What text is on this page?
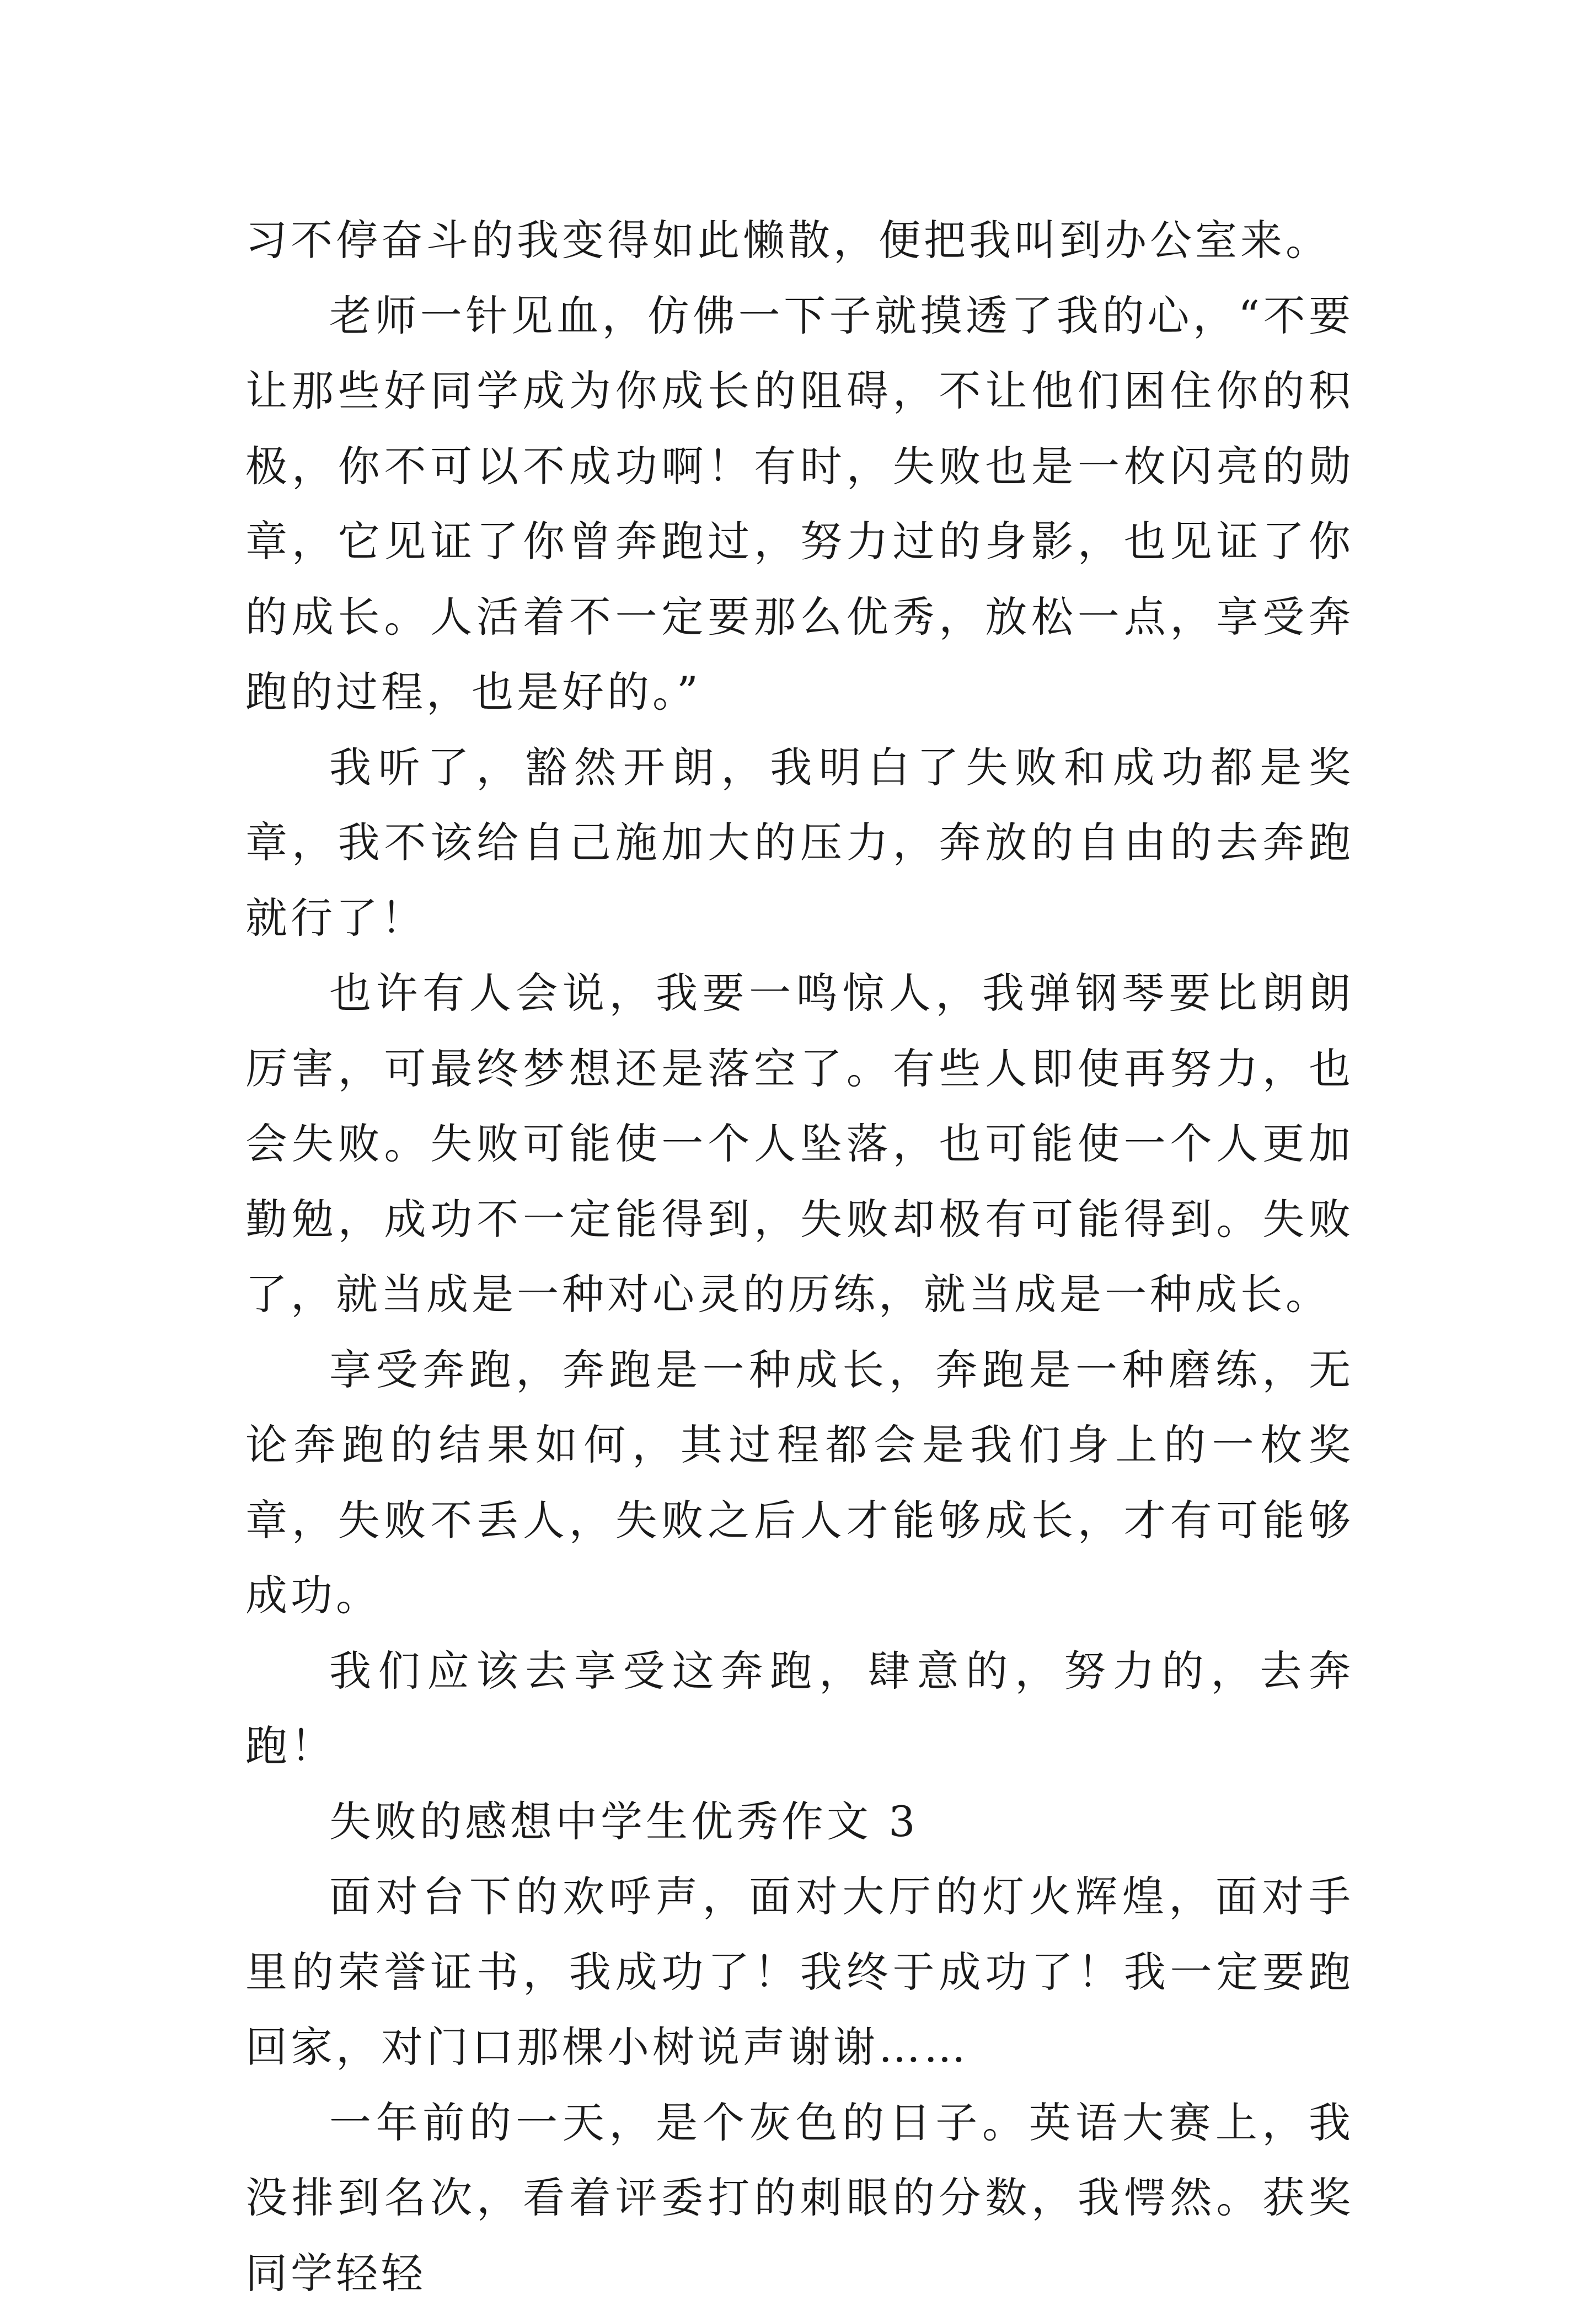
习不停奋斗的我变得如此懒散，便把我叫到办公室来。

老师一针见血，仿佛一下子就摸透了我的心，“不要让那些好同学成为你成长的阻碍，不让他们困住你的积极，你不可以不成功啊！有时，失败也是一枚闪亮的勋章，它见证了你曾奔跑过，努力过的身影，也见证了你的成长。人活着不一定要那么优秀，放松一点，享受奔跑的过程，也是好的。”

我听了，豁然开朗，我明白了失败和成功都是奖章，我不该给自己施加大的压力，奔放的自由的去奔跑就行了！

也许有人会说，我要一鸣惊人，我弹钢琴要比朗朗厉害，可最终梦想还是落空了。有些人即使再努力，也会失败。失败可能使一个人坠落，也可能使一个人更加勤勉，成功不一定能得到，失败却极有可能得到。失败了，就当成是一种对心灵的历练，就当成是一种成长。

享受奔跑，奔跑是一种成长，奔跑是一种磨练，无论奔跑的结果如何，其过程都会是我们身上的一枚奖章，失败不丢人，失败之后人才能够成长，才有可能够成功。

我们应该去享受这奔跑，肆意的，努力的，去奔跑！

失败的感想中学生优秀作文 3

面对台下的欢呼声，面对大厅的灯火辉煌，面对手里的荣誉证书，我成功了！我终于成功了！我一定要跑回家，对门口那棵小树说声谢谢……

一年前的一天，是个灰色的日子。英语大赛上，我没排到名次，看着评委打的刺眼的分数，我愕然。获奖同学轻轻
